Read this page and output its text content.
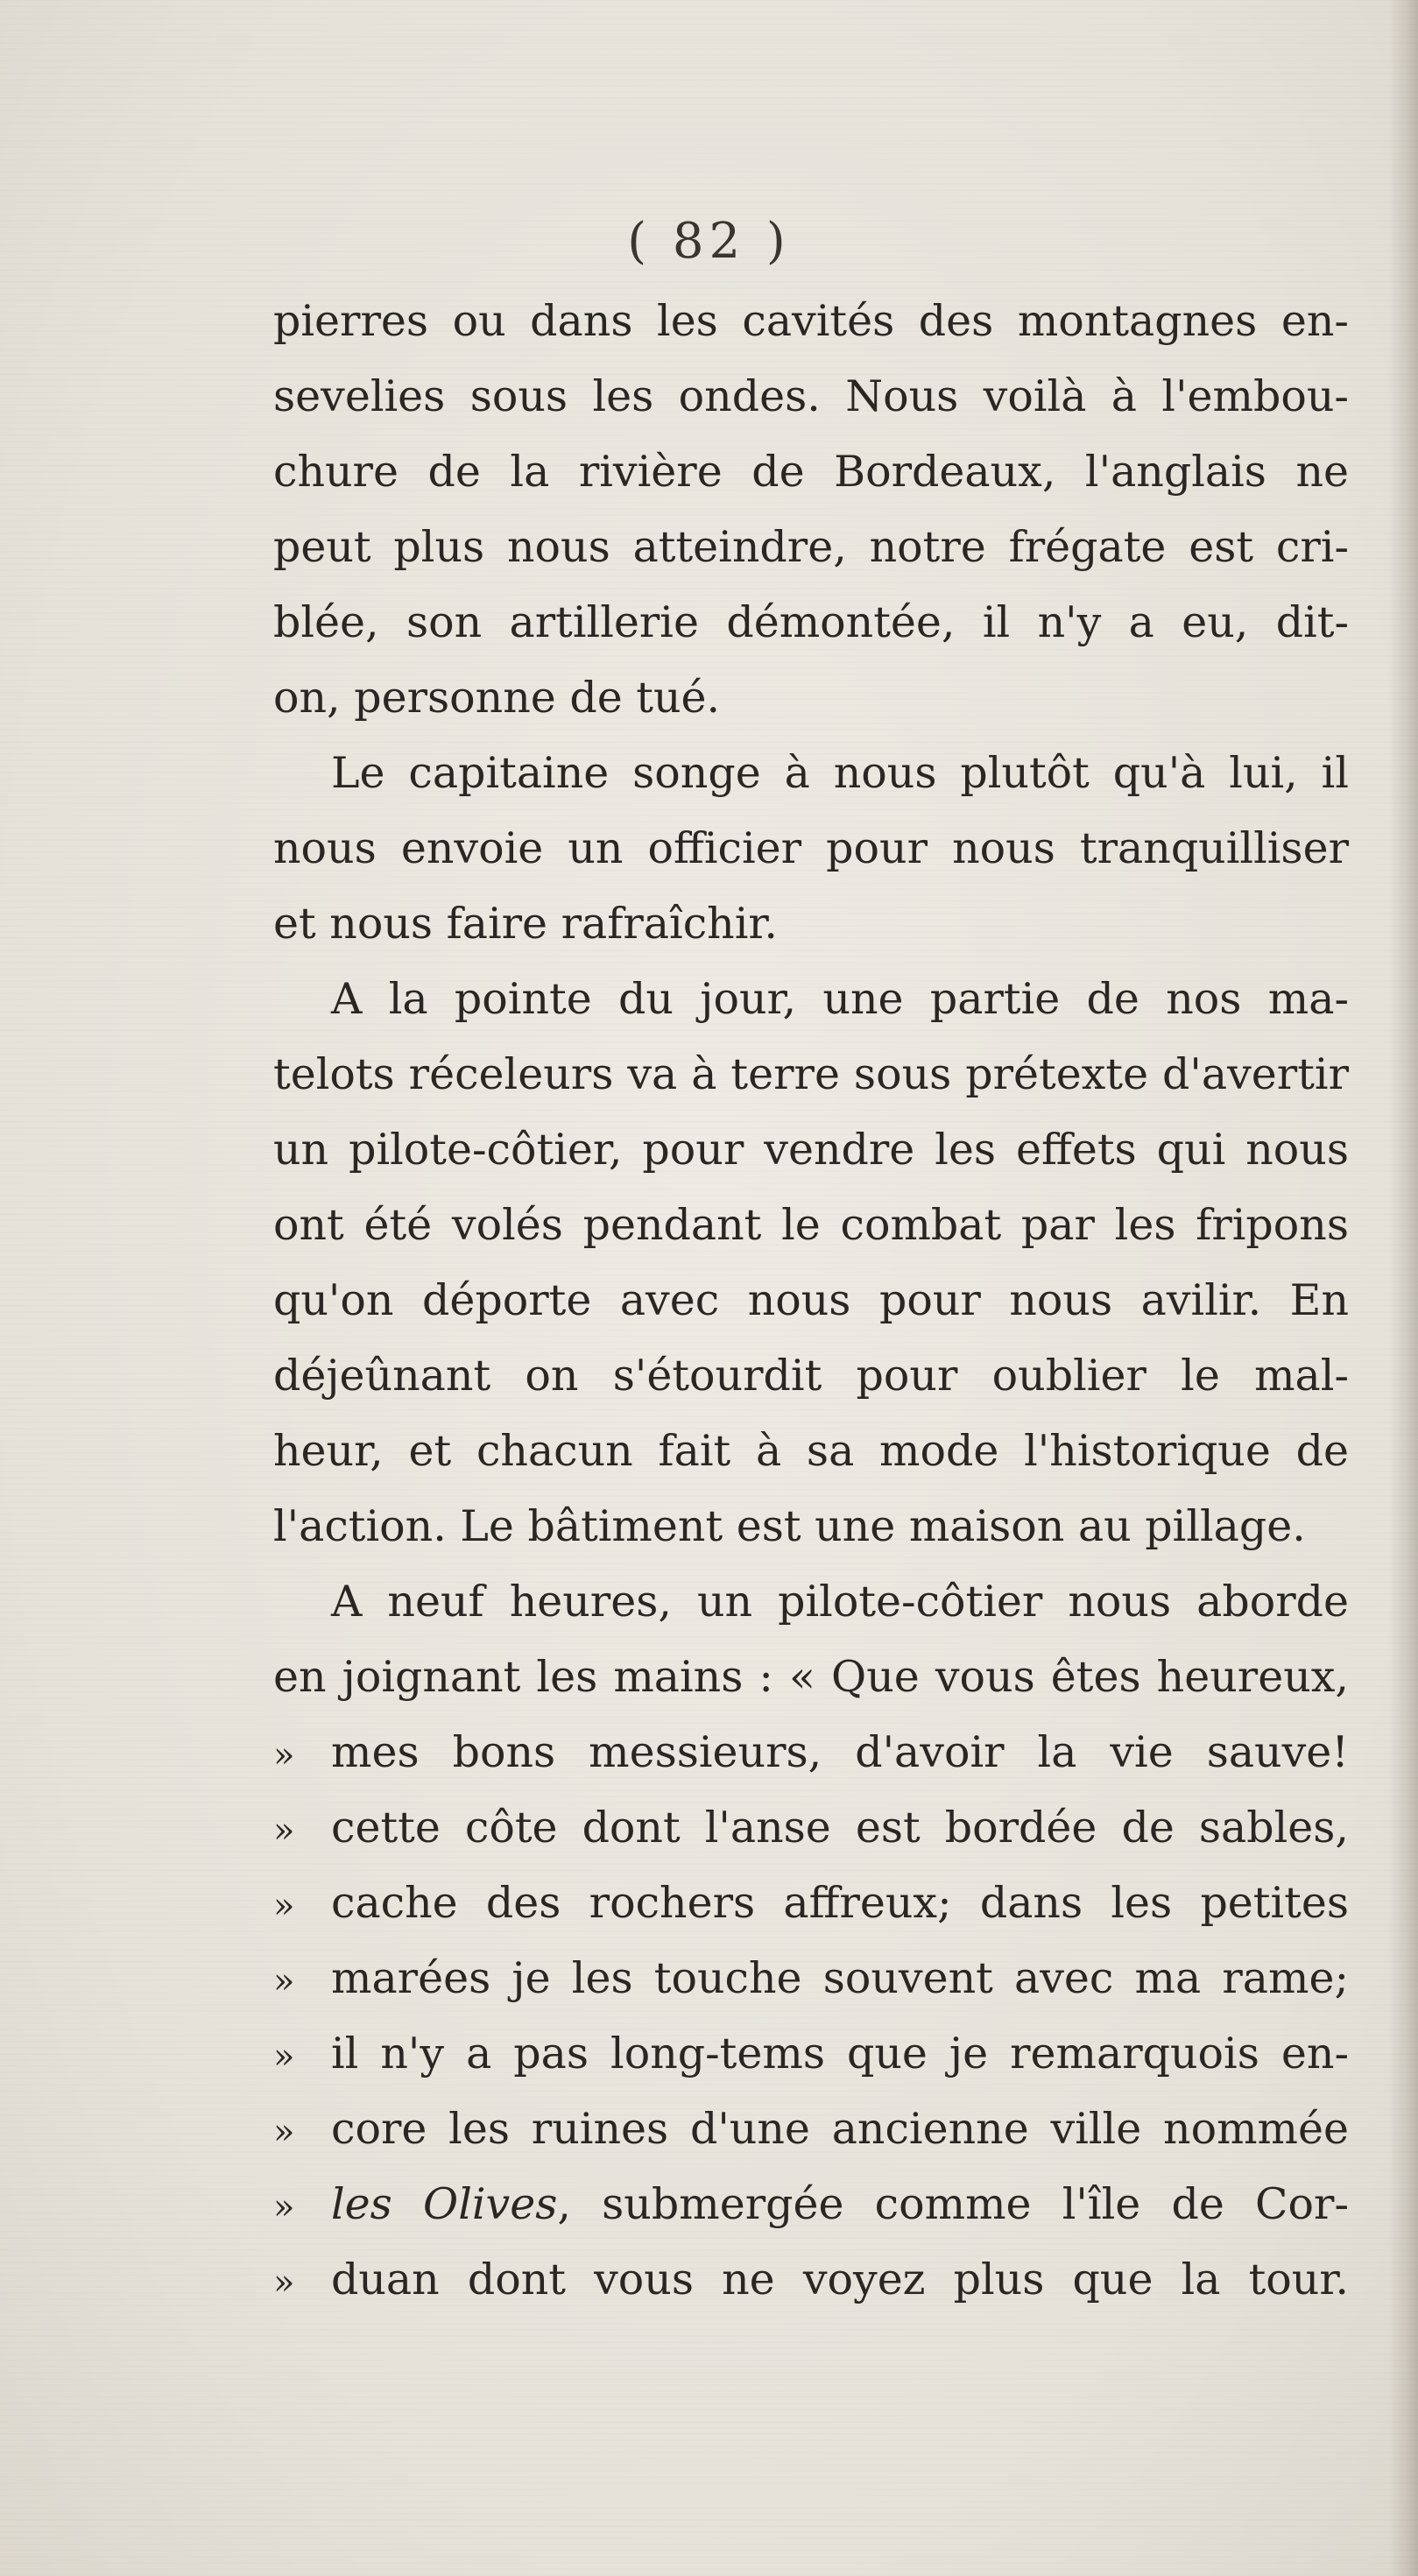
( 82 )
pierres ou dans les cavités des montagnes en-
sevelies sous les ondes. Nous voilà à l'embou-
chure de la rivière de Bordeaux, l'anglais ne
peut plus nous atteindre, notre frégate est cri-
blée, son artillerie démontée, il n'y a eu, dit-
on, personne de tué.
Le capitaine songe à nous plutôt qu'à lui, il
nous envoie un officier pour nous tranquilliser
et nous faire rafraîchir.
A la pointe du jour, une partie de nos ma-
telots réceleurs va à terre sous prétexte d'avertir
un pilote-côtier, pour vendre les effets qui nous
ont été volés pendant le combat par les fripons
qu'on déporte avec nous pour nous avilir. En
déjeûnant on s'étourdit pour oublier le mal-
heur, et chacun fait à sa mode l'historique de
l'action. Le bâtiment est une maison au pillage.
A neuf heures, un pilote-côtier nous aborde
en joignant les mains : « Que vous êtes heureux,
» mes bons messieurs, d'avoir la vie sauve!
» cette côte dont l'anse est bordée de sables,
» cache des rochers affreux; dans les petites
» marées je les touche souvent avec ma rame;
» il n'y a pas long-tems que je remarquois en-
» core les ruines d'une ancienne ville nommée
» les Olives, submergée comme l'île de Cor-
» duan dont vous ne voyez plus que la tour.
